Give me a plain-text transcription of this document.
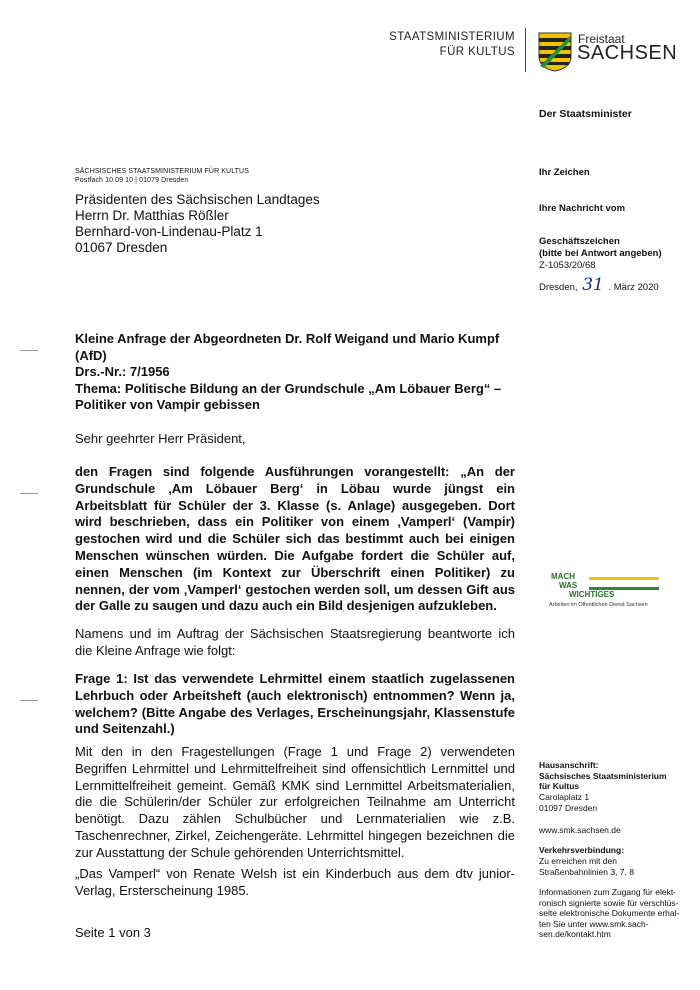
STAATSMINISTERIUM
FÜR KULTUS
Freistaat
SACHSEN
Der Staatsminister
SÄCHSISCHES STAATSMINISTERIUM FÜR KULTUS
Postfach 10 09 10 | 01079 Dresden
Präsidenten des Sächsischen Landtages
Herrn Dr. Matthias Rößler
Bernhard-von-Lindenau-Platz 1
01067 Dresden
Ihr Zeichen
Ihre Nachricht vom
Geschäftszeichen
(bitte bei Antwort angeben)
Z-1053/20/68
Dresden, 31 . März 2020
Kleine Anfrage der Abgeordneten Dr. Rolf Weigand und Mario Kumpf (AfD)
Drs.-Nr.: 7/1956
Thema: Politische Bildung an der Grundschule „Am Löbauer Berg“ – Politiker von Vampir gebissen
Sehr geehrter Herr Präsident,
den Fragen sind folgende Ausführungen vorangestellt: „An der Grundschule ‚Am Löbauer Berg‘ in Löbau wurde jüngst ein Arbeitsblatt für Schüler der 3. Klasse (s. Anlage) ausgegeben. Dort wird beschrieben, dass ein Politiker von einem ‚Vamperl‘ (Vampir) gestochen wird und die Schüler sich das bestimmt auch bei einigen Menschen wünschen würden. Die Aufgabe fordert die Schüler auf, einen Menschen (im Kontext zur Überschrift einen Politiker) zu nennen, der vom ‚Vamperl‘ gestochen werden soll, um dessen Gift aus der Galle zu saugen und dazu auch ein Bild desjenigen aufzukleben.
Namens und im Auftrag der Sächsischen Staatsregierung beantworte ich die Kleine Anfrage wie folgt:
Frage 1: Ist das verwendete Lehrmittel einem staatlich zugelassenen Lehrbuch oder Arbeitsheft (auch elektronisch) entnommen? Wenn ja, welchem? (Bitte Angabe des Verlages, Erscheinungsjahr, Klassenstufe und Seitenzahl.)
Mit den in den Fragestellungen (Frage 1 und Frage 2) verwendeten Begriffen Lehrmittel und Lehrmittelfreiheit sind offensichtlich Lernmittel und Lernmittelfreiheit gemeint. Gemäß KMK sind Lernmittel Arbeitsmaterialien, die die Schülerin/der Schüler zur erfolgreichen Teilnahme am Unterricht benötigt. Dazu zählen Schulbücher und Lernmaterialien wie z.B. Taschenrechner, Zirkel, Zeichengeräte. Lehrmittel hingegen bezeichnen die zur Ausstattung der Schule gehörenden Unterrichtsmittel.
„Das Vamperl“ von Renate Welsh ist ein Kinderbuch aus dem dtv junior-Verlag, Ersterscheinung 1985.
MACH
WAS
WICHTIGES
Arbeiten im Öffentlichen Dienst Sachsen
Hausanschrift:
Sächsisches Staatsministerium
für Kultus
Carolaplatz 1
01097 Dresden
www.smk.sachsen.de
Verkehrsverbindung:
Zu erreichen mit den
Straßenbahnlinien 3, 7, 8
Informationen zum Zugang für elekt-
ronisch signierte sowie für verschlüs-
selte elektronische Dokumente erhal-
ten Sie unter www.smk.sach-
sen.de/kontakt.htm
Seite 1 von 3
